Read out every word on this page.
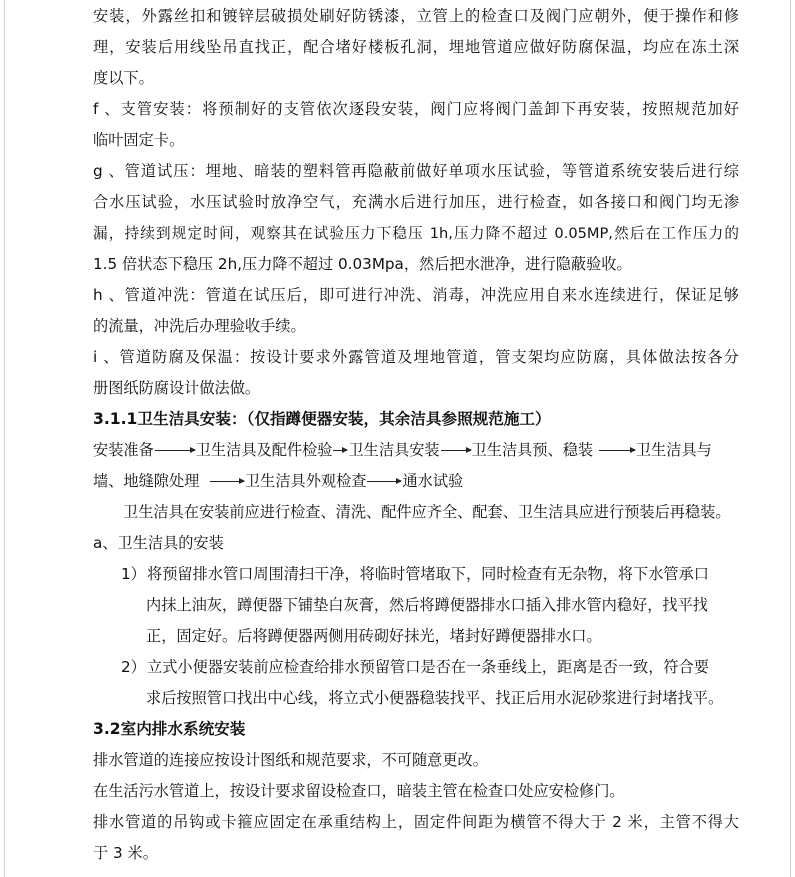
安装，外露丝扣和镀锌层破损处刷好防锈漆，立管上的检查口及阀门应朝外，便于操作和修
理，安装后用线坠吊直找正，配合堵好楼板孔洞，埋地管道应做好防腐保温，均应在冻土深
度以下。
f 、支管安装：将预制好的支管依次逐段安装，阀门应将阀门盖卸下再安装，按照规范加好
临叶固定卡。
g 、管道试压：埋地、暗装的塑料管再隐蔽前做好单项水压试验，等管道系统安装后进行综
合水压试验，水压试验时放净空气，充满水后进行加压，进行检查，如各接口和阀门均无渗
漏，持续到规定时间，观察其在试验压力下稳压 1h,压力降不超过 0.05MP,然后在工作压力的
1.5 倍状态下稳压 2h,压力降不超过 0.03Mpa，然后把水泄净，进行隐蔽验收。
h 、管道冲洗：管道在试压后，即可进行冲洗、消毒，冲洗应用自来水连续进行，保证足够
的流量，冲洗后办理验收手续。
i 、管道防腐及保温：按设计要求外露管道及埋地管道，管支架均应防腐，具体做法按各分
册图纸防腐设计做法做。
3.1.1卫生洁具安装：（仅指蹲便器安装，其余洁具参照规范施工）
安装准备	卫生洁具及配件检验 卫生洁具安装 卫生洁具预、稳装	卫生洁具与
墙、地缝隙处理	卫生洁具外观检查 通水试验
卫生洁具在安装前应进行检查、清洗、配件应齐全、配套、卫生洁具应进行预装后再稳装。
a、卫生洁具的安装
1）将预留排水管口周围清扫干净，将临时管堵取下，同时检查有无杂物，将下水管承口
内抹上油灰，蹲便器下铺垫白灰膏，然后将蹲便器排水口插入排水管内稳好，找平找
正，固定好。后将蹲便器两侧用砖砌好抹光，堵封好蹲便器排水口。
2）立式小便器安装前应检查给排水预留管口是否在一条垂线上，距离是否一致，符合要
求后按照管口找出中心线，将立式小便器稳装找平、找正后用水泥砂浆进行封堵找平。
3.2室内排水系统安装
排水管道的连接应按设计图纸和规范要求，不可随意更改。
在生活污水管道上，按设计要求留设检查口，暗装主管在检查口处应安检修门。
排水管道的吊钩或卡箍应固定在承重结构上，固定件间距为横管不得大于 2 米，主管不得大
于 3 米。
